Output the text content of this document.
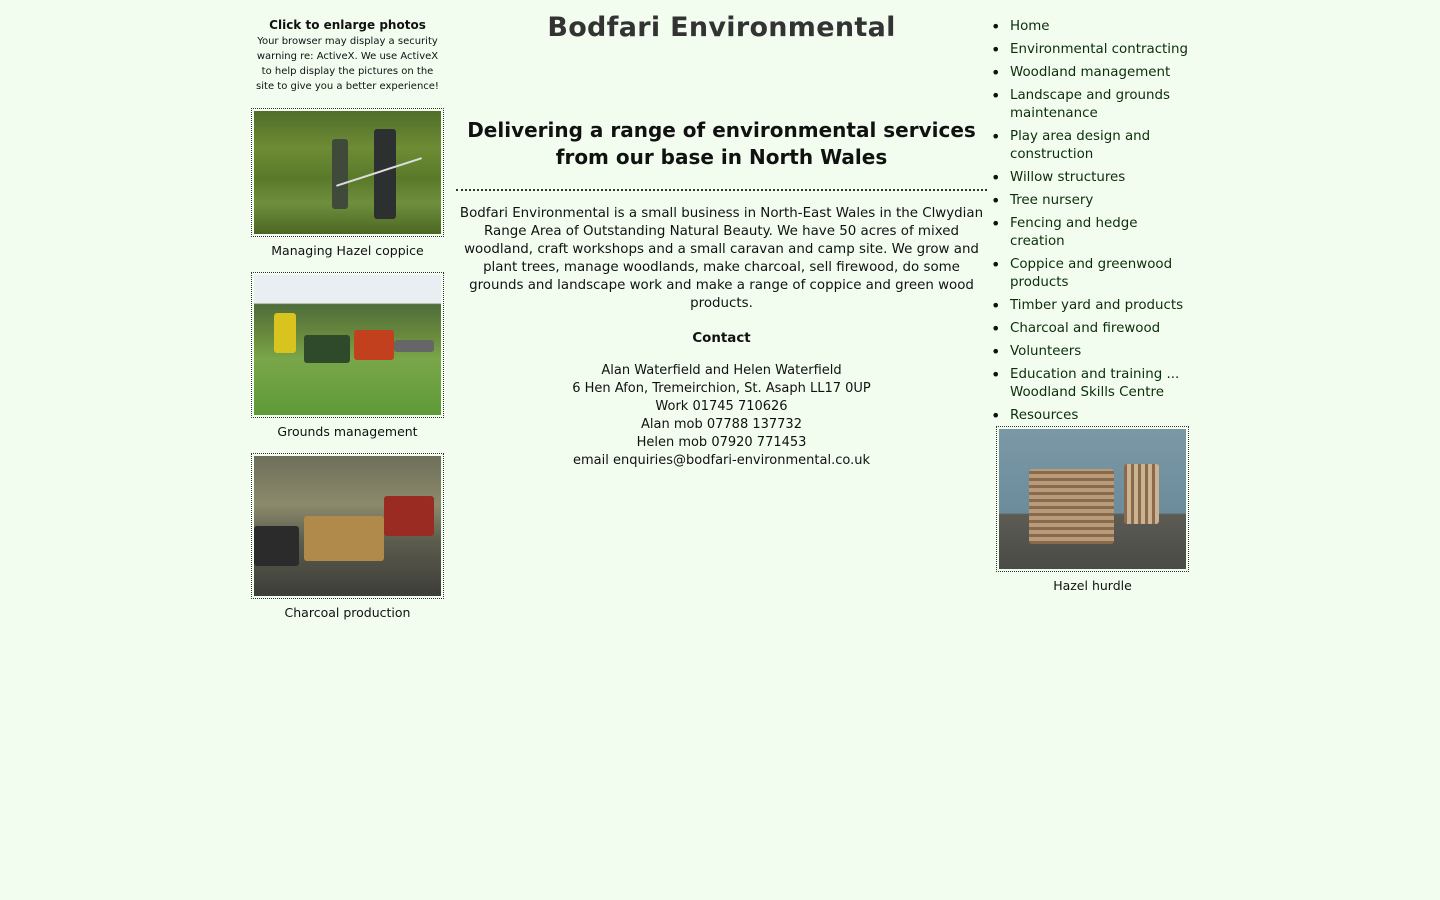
Click to enlarge photos
Your browser may display a security warning re: ActiveX. We use ActiveX to help display the pictures on the site to give you a better experience!
Managing Hazel coppice
Grounds management
Charcoal production
Bodfari Environmental
Delivering a range of environmental services from our base in North Wales

Bodfari Environmental is a small business in North-East Wales in the Clwydian Range Area of Outstanding Natural Beauty. We have 50 acres of mixed woodland, craft workshops and a small caravan and camp site. We grow and plant trees, manage woodlands, make charcoal, sell firewood, do some grounds and landscape work and make a range of coppice and green wood products.

Contact
Alan Waterfield and Helen Waterfield
6 Hen Afon, Tremeirchion, St. Asaph LL17 0UP
Work 01745 710626
Alan mob 07788 137732
Helen mob 07920 771453
email enquiries@bodfari-environmental.co.uk
• Home
• Environmental contracting
• Woodland management
• Landscape and grounds maintenance
• Play area design and construction
• Willow structures
• Tree nursery
• Fencing and hedge creation
• Coppice and greenwood products
• Timber yard and products
• Charcoal and firewood
• Volunteers
• Education and training ... Woodland Skills Centre
• Resources
Hazel hurdle
